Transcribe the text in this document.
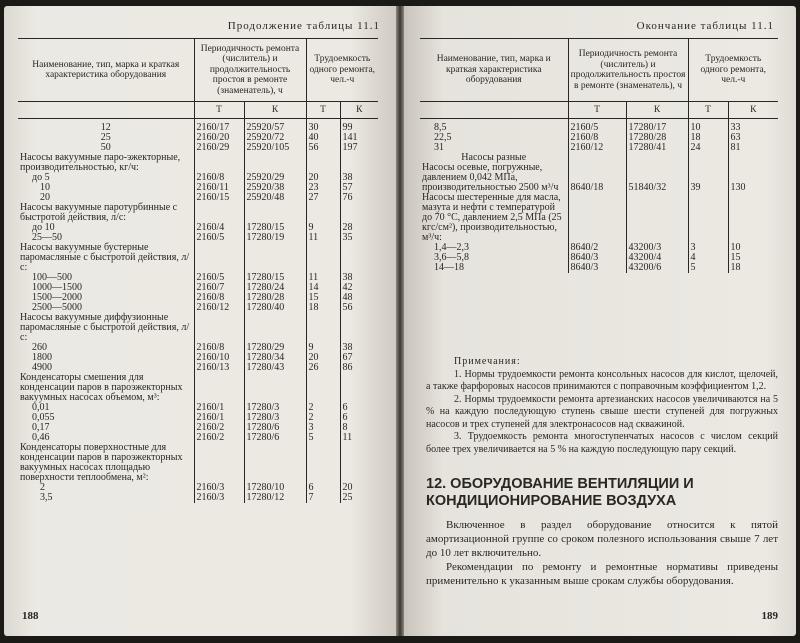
Продолжение таблицы 11.1
Наименование, тип, марка и краткая характеристика оборудования	Периодичность ремонта (числитель) и продолжительность простоя в ремонте (знаменатель), ч		Трудоемкость одного ремонта, чел.-ч	
	Т	К	Т	К

12	2160/17	25920/57	30	99
25	2160/20	25920/72	40	141
50	2160/29	25920/105	56	197
Насосы вакуумные паро-эжекторные, производительностью, кг/ч:				
до 5	2160/8	25920/29	20	38
10	2160/11	25920/38	23	57
20	2160/15	25920/48	27	76
Насосы вакуумные паротурбинные с быстротой действия, л/с:				
до 10	2160/4	17280/15	9	28
25—50	2160/5	17280/19	11	35
Насосы вакуумные бустерные паромасляные с быстротой действия, л/с:				
100—500	2160/5	17280/15	11	38
1000—1500	2160/7	17280/24	14	42
1500—2000	2160/8	17280/28	15	48
2500—5000	2160/12	17280/40	18	56
Насосы вакуумные диффузионные паромасляные с быстротой действия, л/с:				
260	2160/8	17280/29	9	38
1800	2160/10	17280/34	20	67
4900	2160/13	17280/43	26	86
Конденсаторы смешения для конденсации паров в пароэжекторных вакуумных насосах объемом, м³:				
0,01	2160/1	17280/3	2	6
0,055	2160/1	17280/3	2	6
0,17	2160/2	17280/6	3	8
0,46	2160/2	17280/6	5	11
Конденсаторы поверхностные для конденсации паров в пароэжекторных вакуумных насосах площадью поверхности теплообмена, м²:				
2	2160/3	17280/10	6	20
3,5	2160/3	17280/12	7	25
188
Окончание таблицы 11.1
Наименование, тип, марка и краткая характеристика оборудования	Периодичность ремонта (числитель) и продолжительность простоя в ремонте (знаменатель), ч		Трудоемкость одного ремонта, чел.-ч	
	Т	К	Т	К

8,5	2160/5	17280/17	10	33
22,5	2160/8	17280/28	18	63
31	2160/12	17280/41	24	81
Насосы разные				
Насосы осевые, погружные, давлением 0,042 МПа, производительностью 2500 м³/ч	8640/18	51840/32	39	130
Насосы шестеренные для масла, мазута и нефти с температурой до 70 °С, давлением 2,5 МПа (25 кгс/см²), производительностью, м³/ч:				
1,4—2,3	8640/2	43200/3	3	10
3,6—5,8	8640/3	43200/4	4	15
14—18	8640/3	43200/6	5	18
Примечания:

1. Нормы трудоемкости ремонта консольных насосов для кислот, щелочей, а также фарфоровых насосов принимаются с поправочным коэффициентом 1,2.

2. Нормы трудоемкости ремонта артезианских насосов увеличиваются на 5 % на каждую последующую ступень свыше шести ступеней для погружных насосов и трех ступеней для электронасосов над скважиной.

3. Трудоемкость ремонта многоступенчатых насосов с числом секций более трех увеличивается на 5 % на каждую последующую пару секций.

12. ОБОРУДОВАНИЕ ВЕНТИЛЯЦИИ И КОНДИЦИОНИРОВАНИЕ ВОЗДУХА

Включенное в раздел оборудование относится к пятой амортизационной группе со сроком полезного использования свыше 7 лет до 10 лет включительно.

Рекомендации по ремонту и ремонтные нормативы приведены применительно к указанным выше срокам службы оборудования.

189
